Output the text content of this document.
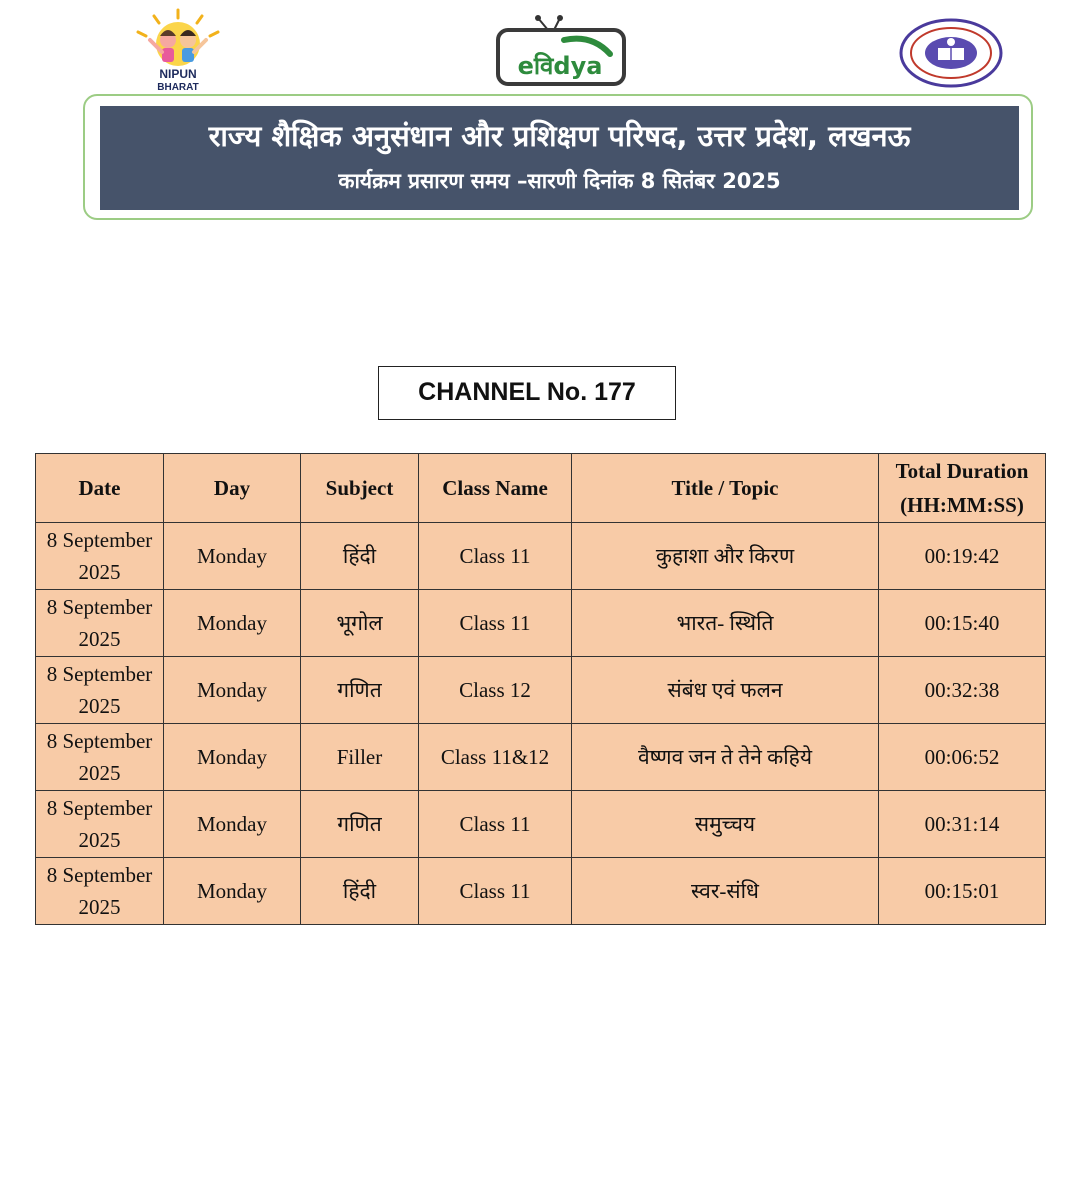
NIPUN
BHARAT
eविdya
राज्य शैक्षिक अनुसंधान और प्रशिक्षण परिषद, उत्तर प्रदेश, लखनऊ
कार्यक्रम प्रसारण समय –सारणी दिनांक 8 सितंबर 2025
CHANNEL No. 177
Date	Day	Subject	Class Name	Title / Topic	Total Duration
(HH:MM:SS)

8 September
2025	Monday	हिंदी	Class 11	कुहाशा और किरण	00:19:42

8 September
2025	Monday	भूगोल	Class 11	भारत- स्थिति	00:15:40

8 September
2025	Monday	गणित	Class 12	संबंध एवं फलन	00:32:38

8 September
2025	Monday	Filler	Class 11&12	वैष्णव जन ते तेने कहिये	00:06:52

8 September
2025	Monday	गणित	Class 11	समुच्चय	00:31:14

8 September
2025	Monday	हिंदी	Class 11	स्वर-संधि	00:15:01
